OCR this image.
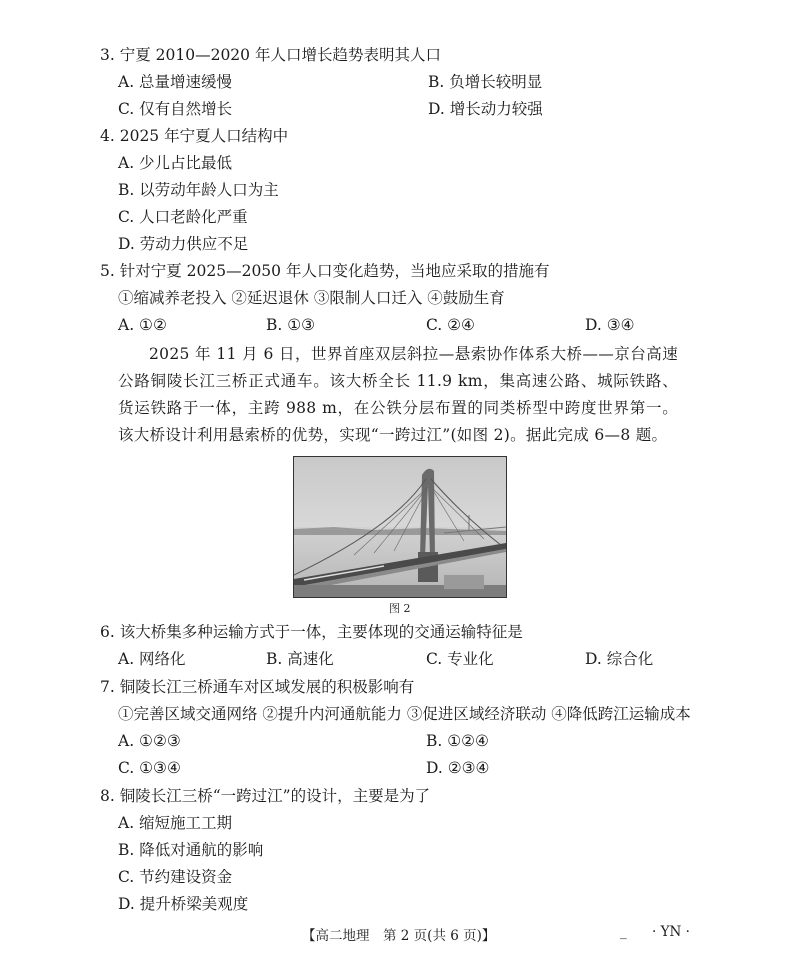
3. 宁夏 2010—2020 年人口增长趋势表明其人口
A. 总量增速缓慢	B. 负增长较明显
C. 仅有自然增长	D. 增长动力较强
4. 2025 年宁夏人口结构中
A. 少儿占比最低
B. 以劳动年龄人口为主
C. 人口老龄化严重
D. 劳动力供应不足
5. 针对宁夏 2025—2050 年人口变化趋势，当地应采取的措施有
①缩减养老投入 ②延迟退休 ③限制人口迁入 ④鼓励生育
A. ①②	B. ①③	C. ②④	D. ③④

2025 年 11 月 6 日，世界首座双层斜拉—悬索协作体系大桥——京台高速公路铜陵长江三桥正式通车。该大桥全长 11.9 km，集高速公路、城际铁路、货运铁路于一体，主跨 988 m，在公铁分层布置的同类桥型中跨度世界第一。该大桥设计利用悬索桥的优势，实现“一跨过江”(如图 2)。据此完成 6—8 题。

图 2
6. 该大桥集多种运输方式于一体，主要体现的交通运输特征是
A. 网络化	B. 高速化	C. 专业化	D. 综合化
7. 铜陵长江三桥通车对区域发展的积极影响有
①完善区域交通网络 ②提升内河通航能力 ③促进区域经济联动 ④降低跨江运输成本
A. ①②③	B. ①②④
C. ①③④	D. ②③④
8. 铜陵长江三桥“一跨过江”的设计，主要是为了
A. 缩短施工工期
B. 降低对通航的影响
C. 节约建设资金
D. 提升桥梁美观度
【高二地理　第 2 页(共 6 页)】	_ · YN ·
